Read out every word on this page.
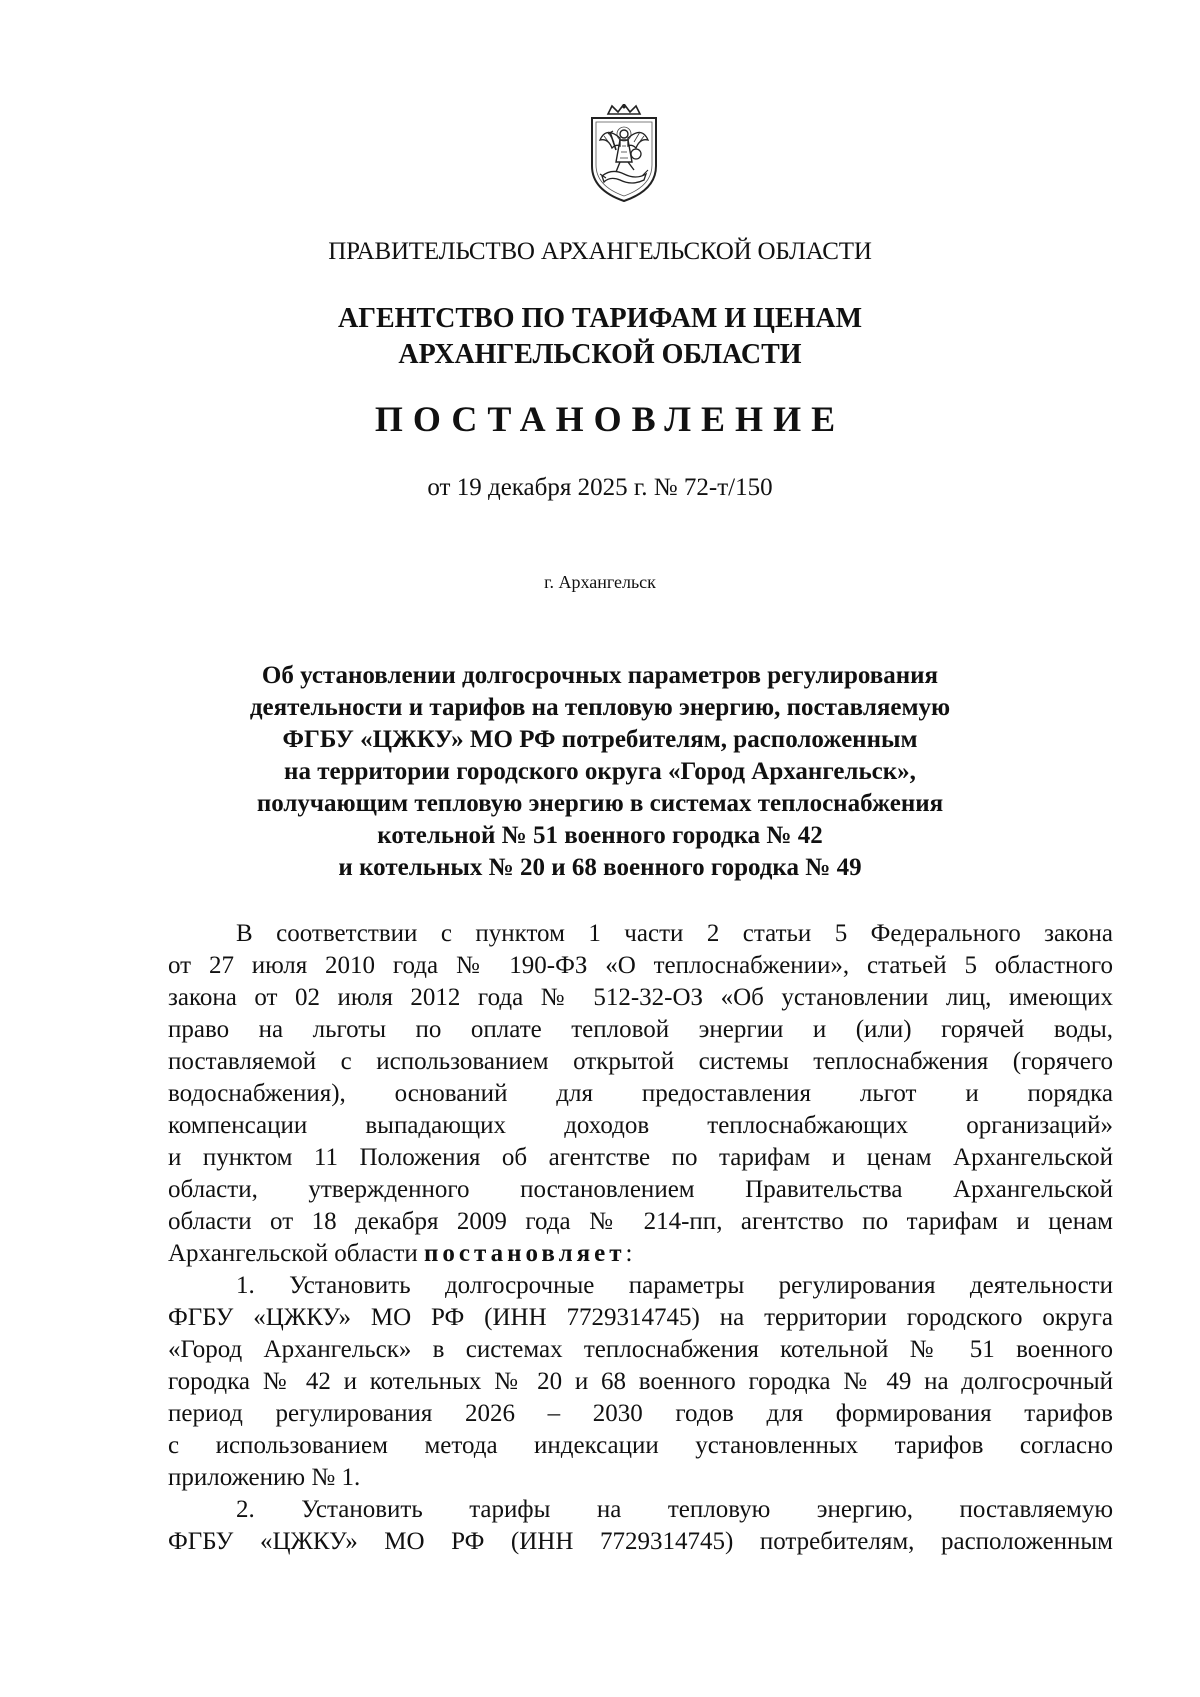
ПРАВИТЕЛЬСТВО АРХАНГЕЛЬСКОЙ ОБЛАСТИ
АГЕНТСТВО ПО ТАРИФАМ И ЦЕНАМ
АРХАНГЕЛЬСКОЙ ОБЛАСТИ
ПОСТАНОВЛЕНИЕ
от 19 декабря 2025 г. № 72-т/150
г. Архангельск
Об установлении долгосрочных параметров регулирования
деятельности и тарифов на тепловую энергию, поставляемую
ФГБУ «ЦЖКУ» МО РФ потребителям, расположенным
на территории городского округа «Город Архангельск»,
получающим тепловую энергию в системах теплоснабжения
котельной № 51 военного городка № 42
и котельных № 20 и 68 военного городка № 49
В соответствии с пунктом 1 части 2 статьи 5 Федерального закона
от 27 июля 2010 года № 190-ФЗ «О теплоснабжении», статьей 5 областного
закона от 02 июля 2012 года № 512-32-ОЗ «Об установлении лиц, имеющих
право на льготы по оплате тепловой энергии и (или) горячей воды,
поставляемой с использованием открытой системы теплоснабжения (горячего
водоснабжения), оснований для предоставления льгот и порядка
компенсации выпадающих доходов теплоснабжающих организаций»
и пунктом 11 Положения об агентстве по тарифам и ценам Архангельской
области, утвержденного постановлением Правительства Архангельской
области от 18 декабря 2009 года № 214-пп, агентство по тарифам и ценам
Архангельской области постановляет:
1. Установить долгосрочные параметры регулирования деятельности
ФГБУ «ЦЖКУ» МО РФ (ИНН 7729314745) на территории городского округа
«Город Архангельск» в системах теплоснабжения котельной № 51 военного
городка № 42 и котельных № 20 и 68 военного городка № 49 на долгосрочный
период регулирования 2026 – 2030 годов для формирования тарифов
с использованием метода индексации установленных тарифов согласно
приложению № 1.
2. Установить тарифы на тепловую энергию, поставляемую
ФГБУ «ЦЖКУ» МО РФ (ИНН 7729314745) потребителям, расположенным
